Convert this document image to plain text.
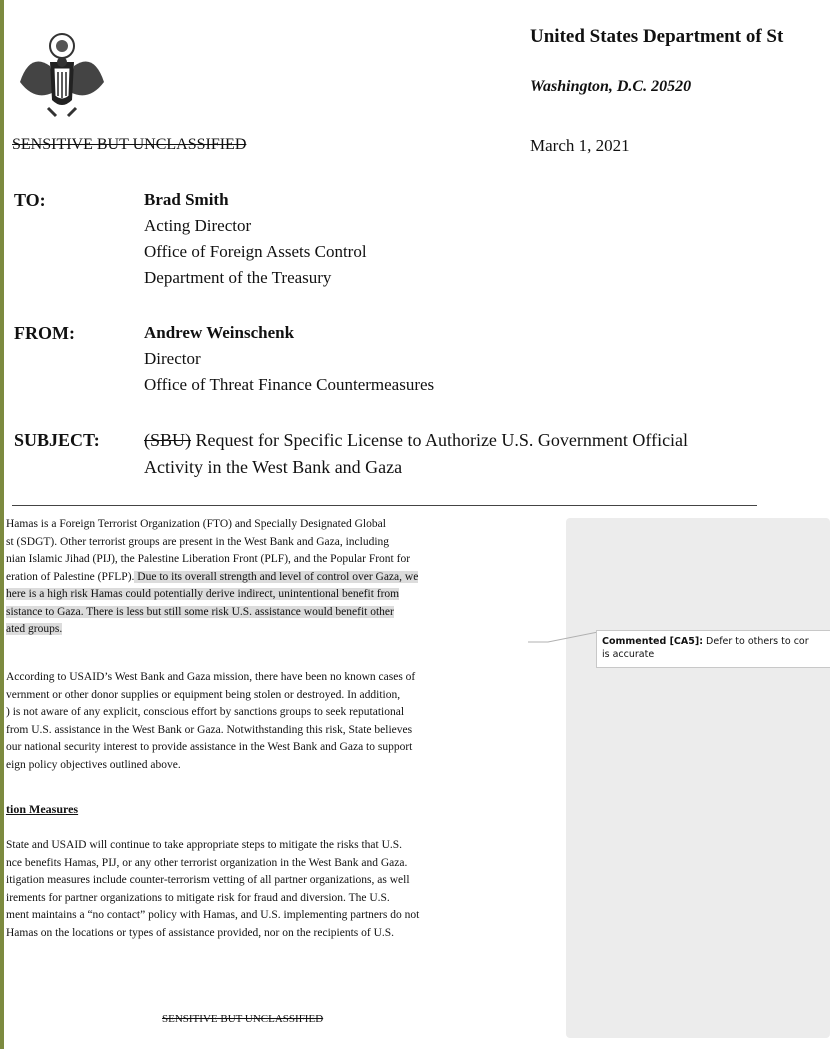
United States Department of St
Washington, D.C. 20520
March 1, 2021
SENSITIVE BUT UNCLASSIFIED
TO:	Brad Smith
Acting Director
Office of Foreign Assets Control
Department of the Treasury
FROM:	Andrew Weinschenk
Director
Office of Threat Finance Countermeasures
SUBJECT: (SBU) Request for Specific License to Authorize U.S. Government Official
Activity in the West Bank and Gaza
Hamas is a Foreign Terrorist Organization (FTO) and Specially Designated Global
st (SDGT). Other terrorist groups are present in the West Bank and Gaza, including
nian Islamic Jihad (PIJ), the Palestine Liberation Front (PLF), and the Popular Front for
eration of Palestine (PFLP). Due to its overall strength and level of control over Gaza, we
here is a high risk Hamas could potentially derive indirect, unintentional benefit from
sistance to Gaza. There is less but still some risk U.S. assistance would benefit other
ated groups.
Commented [CA5]: Defer to others to cor
is accurate
According to USAID’s West Bank and Gaza mission, there have been no known cases of
vernment or other donor supplies or equipment being stolen or destroyed. In addition,
) is not aware of any explicit, conscious effort by sanctions groups to seek reputational
from U.S. assistance in the West Bank or Gaza. Notwithstanding this risk, State believes
our national security interest to provide assistance in the West Bank and Gaza to support
eign policy objectives outlined above.
tion Measures
State and USAID will continue to take appropriate steps to mitigate the risks that U.S.
nce benefits Hamas, PIJ, or any other terrorist organization in the West Bank and Gaza.
itigation measures include counter-terrorism vetting of all partner organizations, as well
irements for partner organizations to mitigate risk for fraud and diversion. The U.S.
ment maintains a “no contact” policy with Hamas, and U.S. implementing partners do not
Hamas on the locations or types of assistance provided, nor on the recipients of U.S.
SENSITIVE BUT UNCLASSIFIED
